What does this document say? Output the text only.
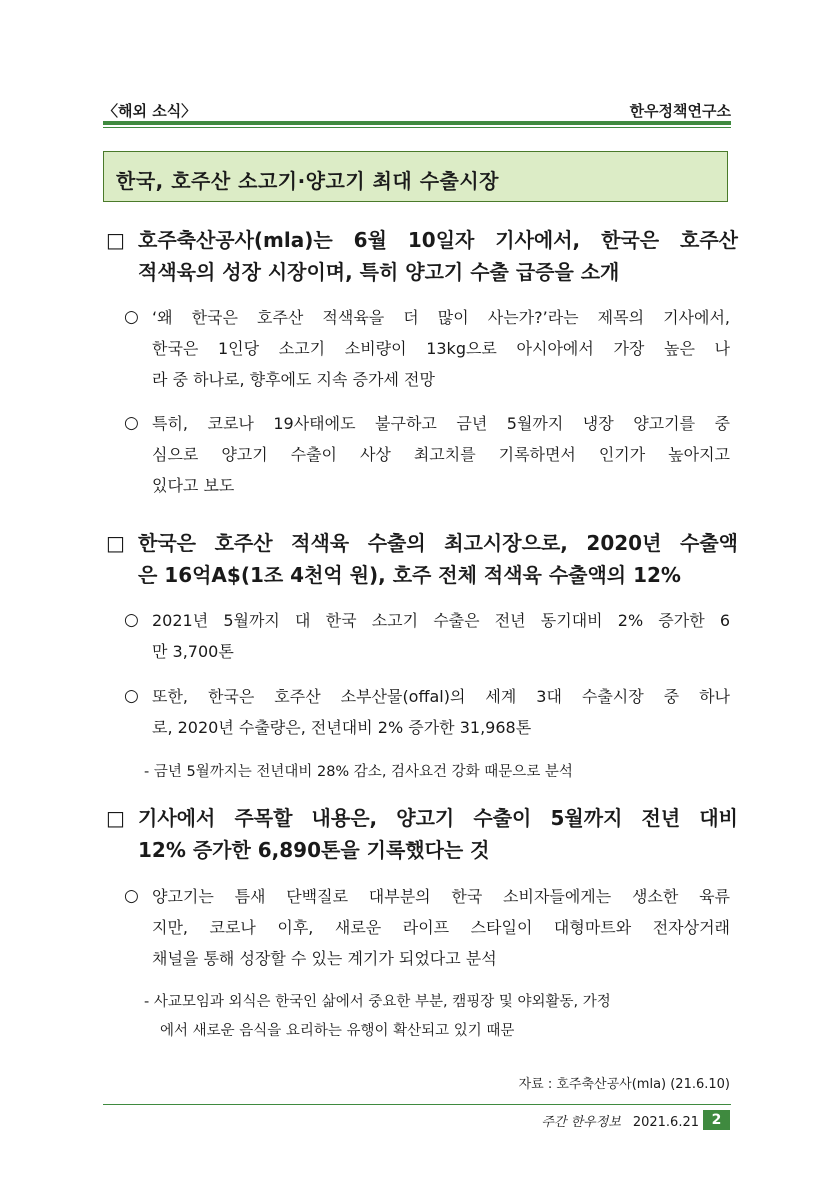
〈해외 소식〉	한우정책연구소
한국, 호주산 소고기·양고기 최대 수출시장
□ 호주축산공사(mla)는 6월 10일자 기사에서, 한국은 호주산
적색육의 성장 시장이며, 특히 양고기 수출 급증을 소개
○ ‘왜 한국은 호주산 적색육을 더 많이 사는가?’라는 제목의 기사에서,
한국은 1인당 소고기 소비량이 13kg으로 아시아에서 가장 높은 나
라 중 하나로, 향후에도 지속 증가세 전망
○ 특히, 코로나 19사태에도 불구하고 금년 5월까지 냉장 양고기를 중
심으로 양고기 수출이 사상 최고치를 기록하면서 인기가 높아지고
있다고 보도
□ 한국은 호주산 적색육 수출의 최고시장으로, 2020년 수출액
은 16억A$(1조 4천억 원), 호주 전체 적색육 수출액의 12%
○ 2021년 5월까지 대 한국 소고기 수출은 전년 동기대비 2% 증가한 6
만 3,700톤
○ 또한, 한국은 호주산 소부산물(offal)의 세계 3대 수출시장 중 하나
로, 2020년 수출량은, 전년대비 2% 증가한 31,968톤
- 금년 5월까지는 전년대비 28% 감소, 검사요건 강화 때문으로 분석
□ 기사에서 주목할 내용은, 양고기 수출이 5월까지 전년 대비
12% 증가한 6,890톤을 기록했다는 것
○ 양고기는 틈새 단백질로 대부분의 한국 소비자들에게는 생소한 육류
지만, 코로나 이후, 새로운 라이프 스타일이 대형마트와 전자상거래
채널을 통해 성장할 수 있는 계기가 되었다고 분석
- 사교모임과 외식은 한국인 삶에서 중요한 부분, 캠핑장 및 야외활동, 가정
에서 새로운 음식을 요리하는 유행이 확산되고 있기 때문
자료 : 호주축산공사(mla) (21.6.10)
주간 한우정보 2021.6.21 2
